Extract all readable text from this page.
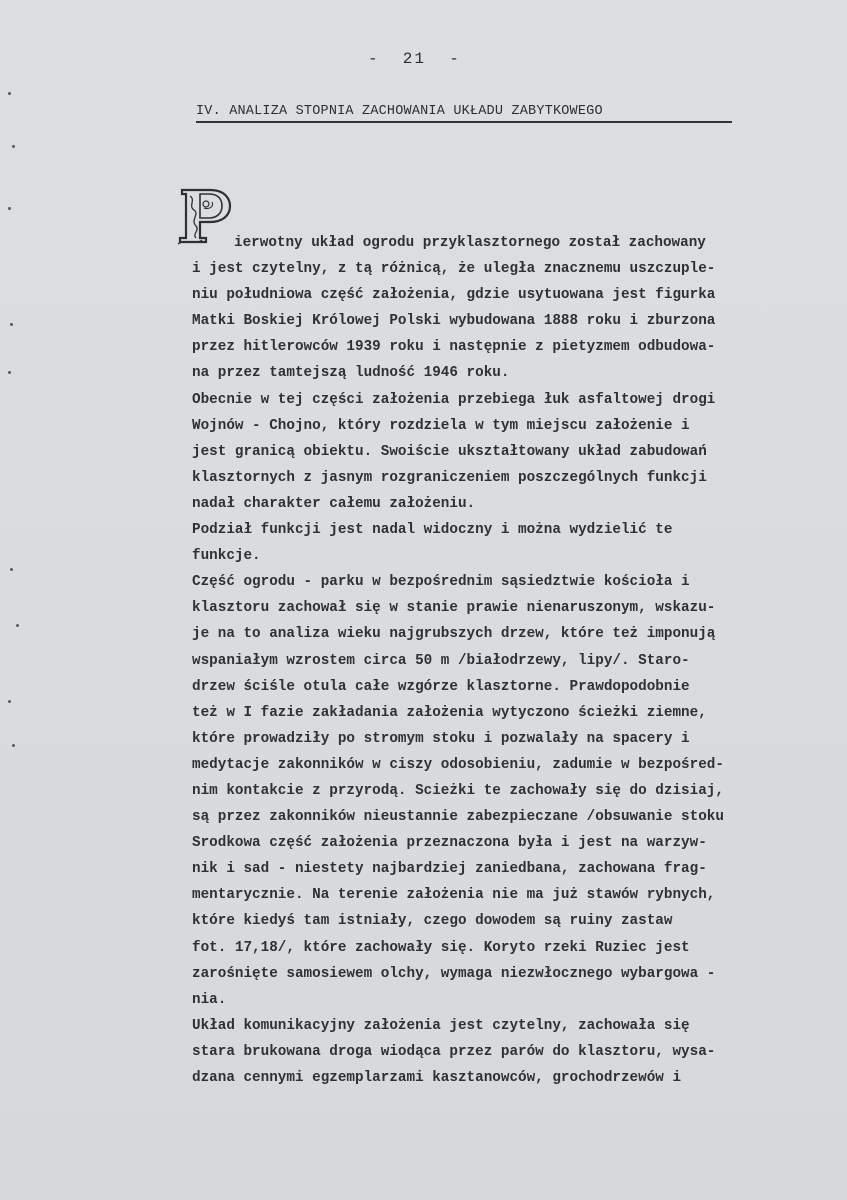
-  21  -
IV. ANALIZA STOPNIA ZACHOWANIA UKŁADU ZABYTKOWEGO
ierwotny układ ogrodu przyklasztornego został zachowany
i jest czytelny, z tą różnicą, że uległa znacznemu uszczuple-
niu południowa część założenia, gdzie usytuowana jest figurka
Matki Boskiej Królowej Polski wybudowana 1888 roku i zburzona
przez hitlerowców 1939 roku i następnie z pietyzmem odbudowa-
na przez tamtejszą ludność 1946 roku.
Obecnie w tej części założenia przebiega łuk asfaltowej drogi
Wojnów - Chojno, który rozdziela w tym miejscu założenie i
jest granicą obiektu. Swoiście ukształtowany układ zabudowań
klasztornych z jasnym rozgraniczeniem poszczególnych funkcji
nadał charakter całemu założeniu.
Podział funkcji jest nadal widoczny i można wydzielić te
funkcje.
Część ogrodu - parku w bezpośrednim sąsiedztwie kościoła i
klasztoru zachował się w stanie prawie nienaruszonym, wskazu-
je na to analiza wieku najgrubszych drzew, które też imponują
wspaniałym wzrostem circa 50 m /białodrzewy, lipy/. Staro-
drzew ściśle otula całe wzgórze klasztorne. Prawdopodobnie
też w I fazie zakładania założenia wytyczono ścieżki ziemne,
które prowadziły po stromym stoku i pozwalały na spacery i
medytacje zakonników w ciszy odosobieniu, zadumie w bezpośred-
nim kontakcie z przyrodą. Scieżki te zachowały się do dzisiaj,
są przez zakonników nieustannie zabezpieczane /obsuwanie stoku
Srodkowa część założenia przeznaczona była i jest na warzyw-
nik i sad - niestety najbardziej zaniedbana, zachowana frag-
mentarycznie. Na terenie założenia nie ma już stawów rybnych,
które kiedyś tam istniały, czego dowodem są ruiny zastaw
fot. 17,18/, które zachowały się. Koryto rzeki Ruziec jest
zarośnięte samosiewem olchy, wymaga niezwłocznego wybargowa -
nia.
Układ komunikacyjny założenia jest czytelny, zachowała się
stara brukowana droga wiodąca przez parów do klasztoru, wysa-
dzana cennymi egzemplarzami kasztanowców, grochodrzewów i
